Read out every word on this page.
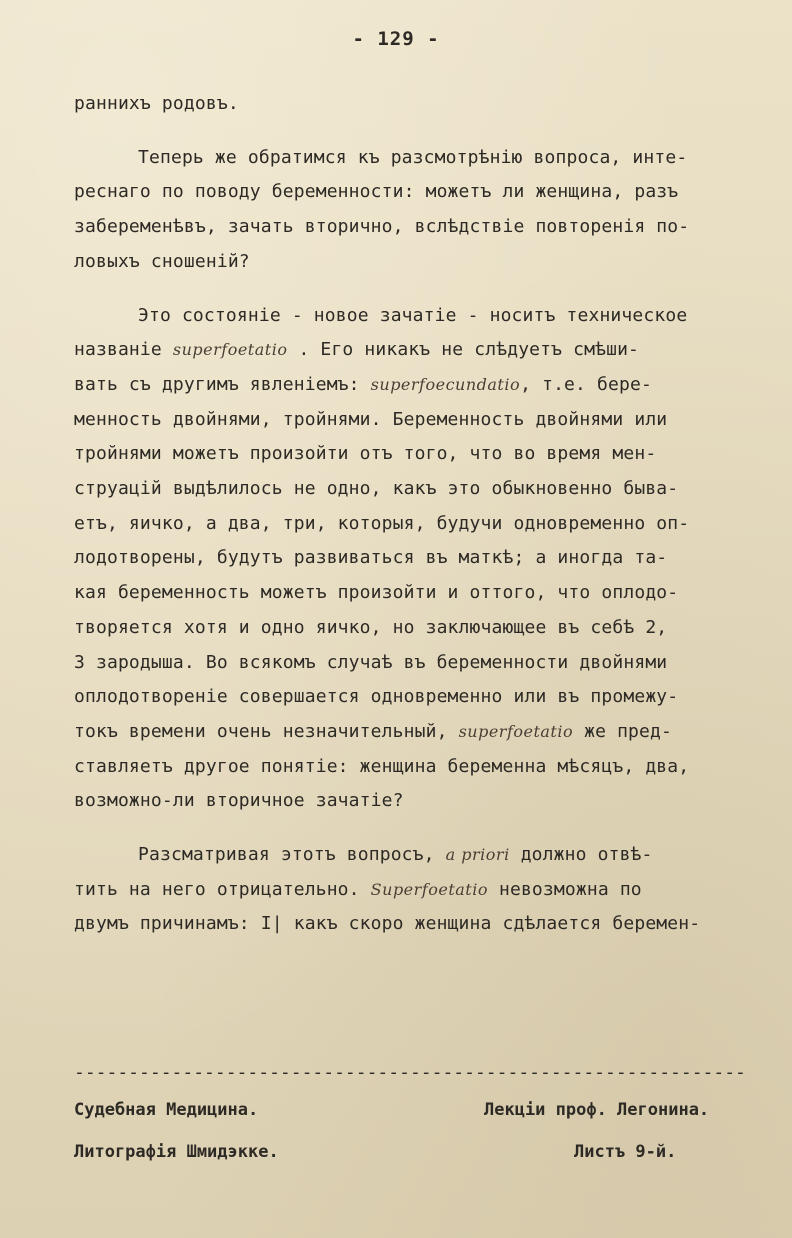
- 129 -
раннихъ родовъ.
Теперь же обратимся къ разсмотрѣнію вопроса, инте-
реснаго по поводу беременности: можетъ ли женщина, разъ
забеременѣвъ, зачать вторично, вслѣдствіе повторенія по-
ловыхъ сношеній?
Это состояніе - новое зачатіе - носитъ техническое
названіе superfoetatio . Его никакъ не слѣдуетъ смѣши-
вать съ другимъ явленіемъ: superfoecundatio, т.е. бере-
менность двойнями, тройнями. Беременность двойнями или
тройнями можетъ произойти отъ того, что во время мен-
струацій выдѣлилось не одно, какъ это обыкновенно быва-
етъ, яичко, а два, три, которыя, будучи одновременно оп-
лодотворены, будутъ развиваться въ маткѣ; а иногда та-
кая беременность можетъ произойти и оттого, что оплодо-
творяется хотя и одно яичко, но заключающее въ себѣ 2,
3 зародыша. Во всякомъ случаѣ въ беременности двойнями
оплодотвореніе совершается одновременно или въ промежу-
токъ времени очень незначительный, superfoetatio же пред-
ставляетъ другое понятіе: женщина беременна мѣсяцъ, два,
возможно-ли вторичное зачатіе?
Разсматривая этотъ вопросъ, a priori должно отвѣ-
тить на него отрицательно. Superfoetatio невозможна по
двумъ причинамъ: I| какъ скоро женщина сдѣлается беремен-
--------------------------------------------------------------
Судебная Медицина.	Лекціи проф. Легонина.
Литографія Шмидэкке.	Листъ 9-й.
